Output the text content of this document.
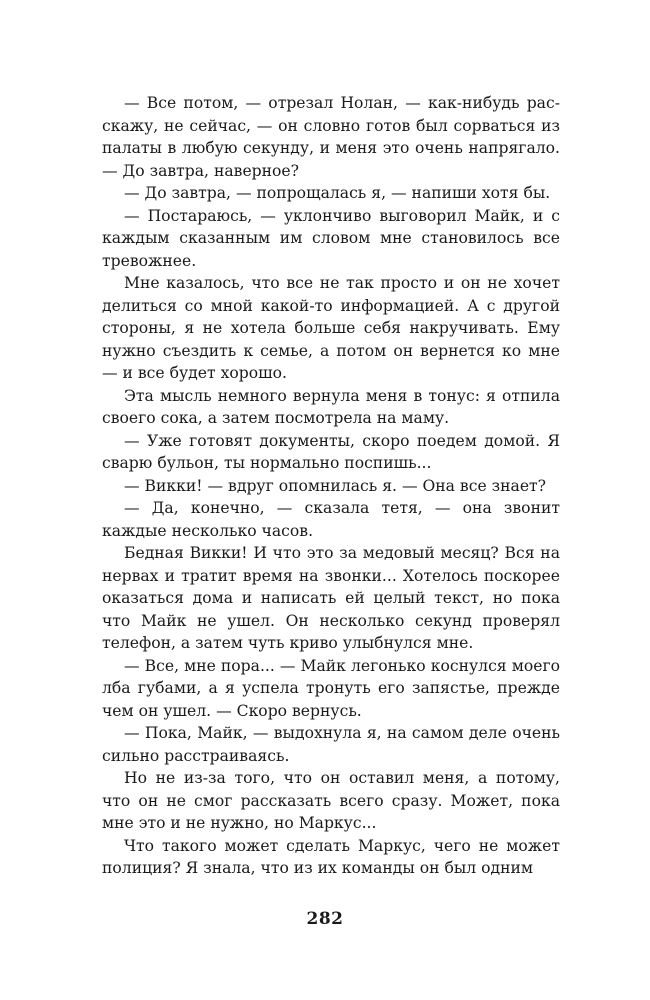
— Все потом, — отрезал Нолан, — как-нибудь расскажу, не сейчас, — он словно готов был сорваться из палаты в любую секунду, и меня это очень напрягало. — До завтра, наверное?

— До завтра, — попрощалась я, — напиши хотя бы.

— Постараюсь, — уклончиво выговорил Майк, и с каждым сказанным им словом мне становилось все тревожнее.

Мне казалось, что все не так просто и он не хочет делиться со мной какой-то информацией. А с другой стороны, я не хотела больше себя накручивать. Ему нужно съездить к семье, а потом он вернется ко мне — и все будет хорошо.

Эта мысль немного вернула меня в тонус: я отпила своего сока, а затем посмотрела на маму.

— Уже готовят документы, скоро поедем домой. Я сварю бульон, ты нормально поспишь...

— Викки! — вдруг опомнилась я. — Она все знает?

— Да, конечно, — сказала тетя, — она звонит каждые несколько часов.

Бедная Викки! И что это за медовый месяц? Вся на нервах и тратит время на звонки... Хотелось поскорее оказаться дома и написать ей целый текст, но пока что Майк не ушел. Он несколько секунд проверял телефон, а затем чуть криво улыбнулся мне.

— Все, мне пора... — Майк легонько коснулся моего лба губами, а я успела тронуть его запястье, прежде чем он ушел. — Скоро вернусь.

— Пока, Майк, — выдохнула я, на самом деле очень сильно расстраиваясь.

Но не из-за того, что он оставил меня, а потому, что он не смог рассказать всего сразу. Может, пока мне это и не нужно, но Маркус...

Что такого может сделать Маркус, чего не может полиция? Я знала, что из их команды он был одним

282
